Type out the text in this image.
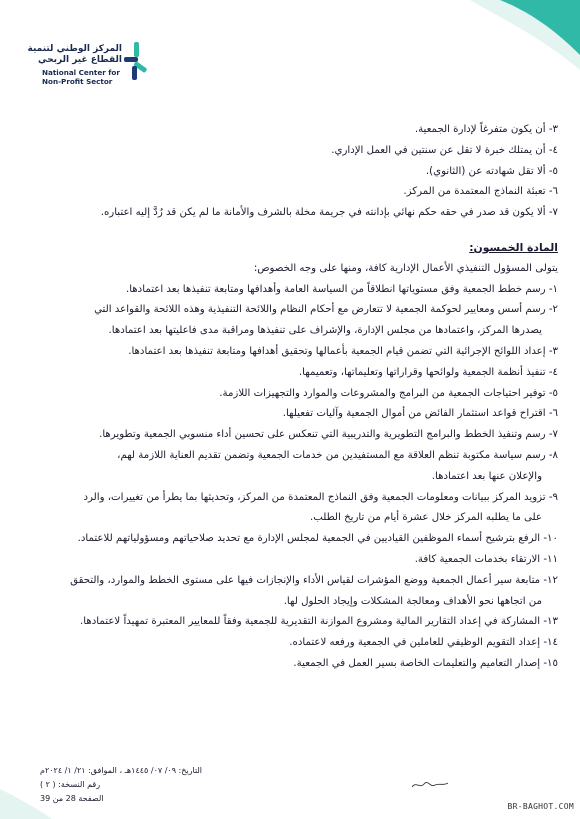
المركز الوطني لتنمية
القطاع غير الربحي
National Center for
Non-Profit Sector
٣- أن يكون متفرغاً لإدارة الجمعية.
٤- أن يمتلك خبرة لا تقل عن سنتين في العمل الإداري.
٥- ألا تقل شهادته عن (الثانوي).
٦- تعبئة النماذج المعتمدة من المركز.
٧- ألا يكون قد صدر في حقه حكم نهائي بإدانته في جريمة مخلة بالشرف والأمانة ما لم يكن قد رُدَّ إليه اعتباره.
المادة الخمسون:
يتولى المسؤول التنفيذي الأعمال الإدارية كافة، ومنها على وجه الخصوص:
١- رسم خطط الجمعية وفق مستوياتها انطلاقاً من السياسة العامة وأهدافها ومتابعة تنفيذها بعد اعتمادها.
٢- رسم أسس ومعايير لحوكمة الجمعية لا تتعارض مع أحكام النظام واللائحة التنفيذية وهذه اللائحة والقواعد التي
يصدرها المركز، واعتمادها من مجلس الإدارة، والإشراف على تنفيذها ومراقبة مدى فاعليتها بعد اعتمادها.
٣- إعداد اللوائح الإجرائية التي تضمن قيام الجمعية بأعمالها وتحقيق أهدافها ومتابعة تنفيذها بعد اعتمادها.
٤- تنفيذ أنظمة الجمعية ولوائحها وقراراتها وتعليماتها، وتعميمها.
٥- توفير احتياجات الجمعية من البرامج والمشروعات والموارد والتجهيزات اللازمة.
٦- اقتراح قواعد استثمار الفائض من أموال الجمعية وآليات تفعيلها.
٧- رسم وتنفيذ الخطط والبرامج التطويرية والتدريبية التي تنعكس على تحسين أداء منسوبي الجمعية وتطويرها.
٨- رسم سياسة مكتوبة تنظم العلاقة مع المستفيدين من خدمات الجمعية وتضمن تقديم العناية اللازمة لهم،
والإعلان عنها بعد اعتمادها.
٩- تزويد المركز ببيانات ومعلومات الجمعية وفق النماذج المعتمدة من المركز، وتحديثها بما يطرأ من تغييرات، والرد
على ما يطلبه المركز خلال عشرة أيام من تاريخ الطلب.
١٠- الرفع بترشيح أسماء الموظفين القياديين في الجمعية لمجلس الإدارة مع تحديد صلاحياتهم ومسؤولياتهم للاعتماد.
١١- الارتقاء بخدمات الجمعية كافة.
١٢- متابعة سير أعمال الجمعية ووضع المؤشرات لقياس الأداء والإنجازات فيها على مستوى الخطط والموارد، والتحقق
من اتجاهها نحو الأهداف ومعالجة المشكلات وإيجاد الحلول لها.
١٣- المشاركة في إعداد التقارير المالية ومشروع الموازنة التقديرية للجمعية وفقاً للمعايير المعتبرة تمهيداً لاعتمادها.
١٤- إعداد التقويم الوظيفي للعاملين في الجمعية ورفعه لاعتماده.
١٥- إصدار التعاميم والتعليمات الخاصة بسير العمل في الجمعية.
التاريخ: ٠٩/ ٠٧/ ١٤٤٥هـ ، الموافق: ٢١/ ١/ ٢٠٢٤م
رقم النسخة: ( ٢ )
الصفحة 28 من 39
BR-BAGHOT.COM
